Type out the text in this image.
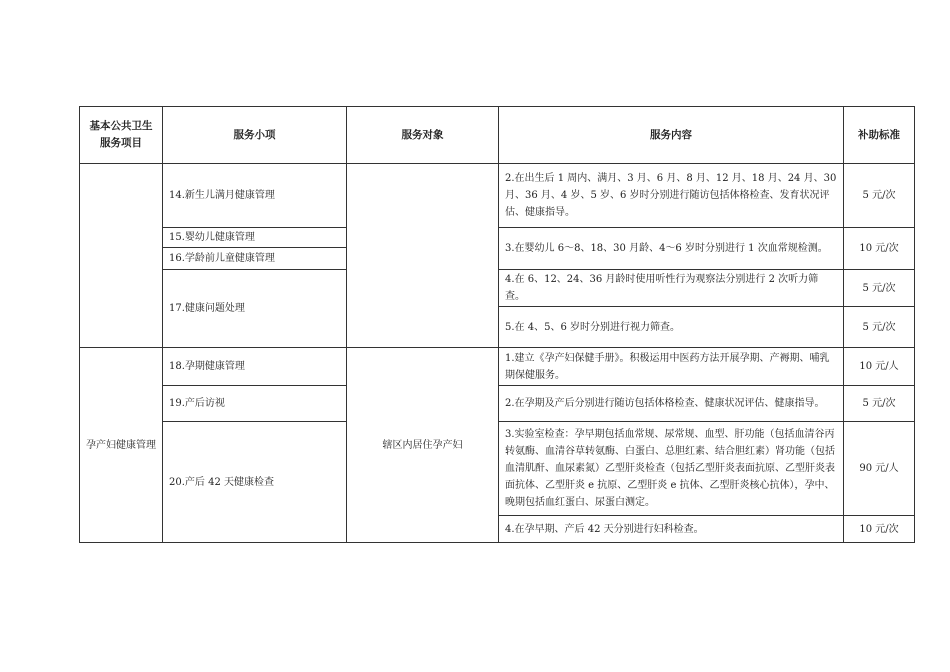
基本公共卫生服务项目	服务小项	服务对象	服务内容	补助标准
	14.新生儿满月健康管理		2.在出生后 1 周内、满月、3 月、6 月、8 月、12 月、18 月、24 月、30 月、36 月、4 岁、5 岁、6 岁时分别进行随访包括体格检查、发育状况评估、健康指导。	5 元/次
	15.婴幼儿健康管理		3.在婴幼儿 6～8、18、30 月龄、4～6 岁时分别进行 1 次血常规检测。	10 元/次
	16.学龄前儿童健康管理			
	17.健康问题处理		4.在 6、12、24、36 月龄时使用听性行为观察法分别进行 2 次听力筛查。	5 元/次
			5.在 4、5、6 岁时分别进行视力筛查。	5 元/次

孕产妇健康管理	18.孕期健康管理	辖区内居住孕产妇	1.建立《孕产妇保健手册》。积极运用中医药方法开展孕期、产褥期、哺乳期保健服务。	10 元/人
	19.产后访视		2.在孕期及产后分别进行随访包括体格检查、健康状况评估、健康指导。	5 元/次
	20.产后 42 天健康检查		3.实验室检查：孕早期包括血常规、尿常规、血型、肝功能（包括血清谷丙转氨酶、血清谷草转氨酶、白蛋白、总胆红素、结合胆红素）肾功能（包括血清肌酐、血尿素氮）乙型肝炎检查（包括乙型肝炎表面抗原、乙型肝炎表面抗体、乙型肝炎 e 抗原、乙型肝炎 e 抗体、乙型肝炎核心抗体），孕中、晚期包括血红蛋白、尿蛋白测定。	90 元/人
			4.在孕早期、产后 42 天分别进行妇科检查。	10 元/次
